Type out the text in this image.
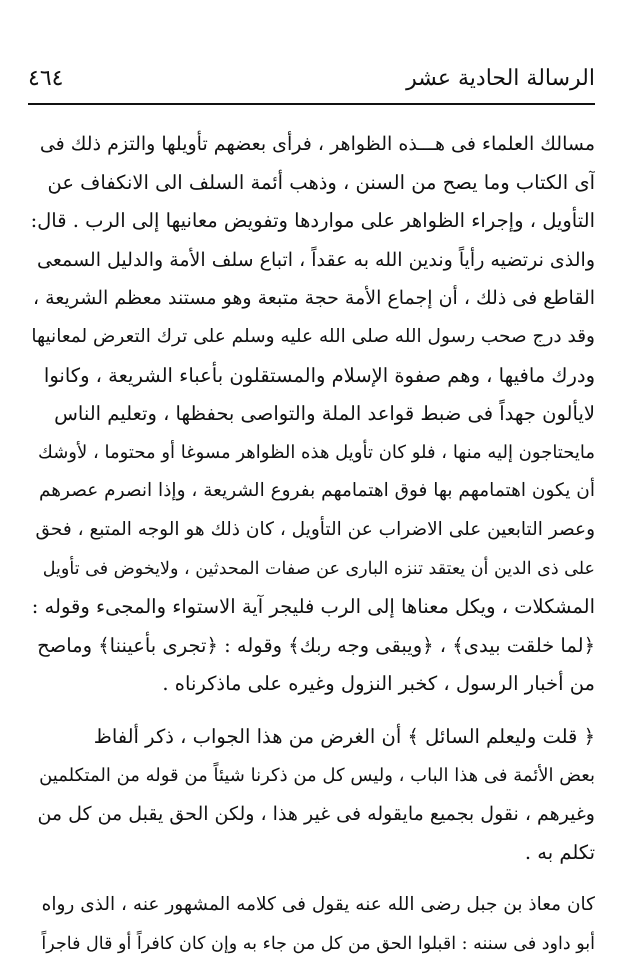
٤٦٤	الرسالة الحادية عشر
مسالك العلماء فى هـــذه الظواهر ، فرأى بعضهم تأويلها والتزم ذلك فى
آى الكتاب وما يصح من السنن ، وذهب أئمة السلف الى الانكفاف عن
التأويل ، وإجراء الظواهر على مواردها وتفويض معانيها إلى الرب . قال:
والذى نرتضيه رأياً وندين الله به عقداً ، اتباع سلف الأمة والدليل السمعى
القاطع فى ذلك ، أن إجماع الأمة حجة متبعة وهو مستند معظم الشريعة ،
وقد درج صحب رسول الله صلى الله عليه وسلم على ترك التعرض لمعانيها
ودرك مافيها ، وهم صفوة الإسلام والمستقلون بأعباء الشريعة ، وكانوا
لايألون جهداً فى ضبط قواعد الملة والتواصى بحفظها ، وتعليم الناس
مايحتاجون إليه منها ، فلو كان تأويل هذه الظواهر مسوغا أو محتوما ، لأوشك
أن يكون اهتمامهم بها فوق اهتمامهم بفروع الشريعة ، وإذا انصرم عصرهم
وعصر التابعين على الاضراب عن التأويل ، كان ذلك هو الوجه المتبع ، فحق
على ذى الدين أن يعتقد تنزه البارى عن صفات المحدثين ، ولايخوض فى تأويل
المشكلات ، ويكل معناها إلى الرب فليجر آية الاستواء والمجىء وقوله :
﴿لما خلقت بيدى﴾ ، ﴿ويبقى وجه ربك﴾ وقوله : ﴿تجرى بأعيننا﴾ وماصح
من أخبار الرسول ، كخبر النزول وغيره على ماذكرناه .
﴿ قلت وليعلم السائل ﴾ أن الغرض من هذا الجواب ، ذكر ألفاظ
بعض الأئمة فى هذا الباب ، وليس كل من ذكرنا شيئاً من قوله من المتكلمين
وغيرهم ، نقول بجميع مايقوله فى غير هذا ، ولكن الحق يقبل من كل من
تكلم به .
كان معاذ بن جبل رضى الله عنه يقول فى كلامه المشهور عنه ، الذى رواه
أبو داود فى سننه : اقبلوا الحق من كل من جاء به وإن كان كافراً أو قال فاجراً
